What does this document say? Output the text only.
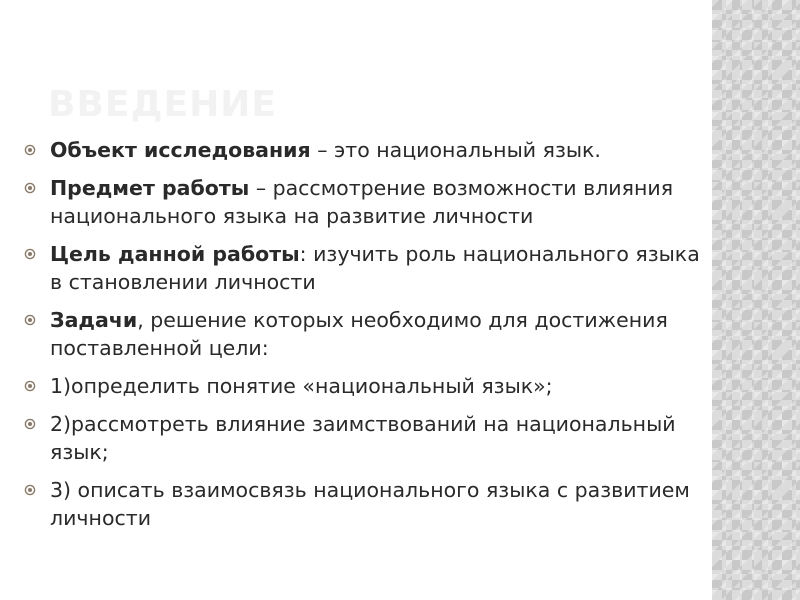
ВВЕДЕНИЕ
Объект исследования – это национальный язык.
Предмет работы – рассмотрение возможности влияния национального языка на развитие личности
Цель данной работы: изучить роль национального языка в становлении личности
Задачи, решение которых необходимо для достижения поставленной цели:
1)определить понятие «национальный язык»;
2)рассмотреть влияние заимствований на национальный язык;
3) описать взаимосвязь национального языка с развитием личности
